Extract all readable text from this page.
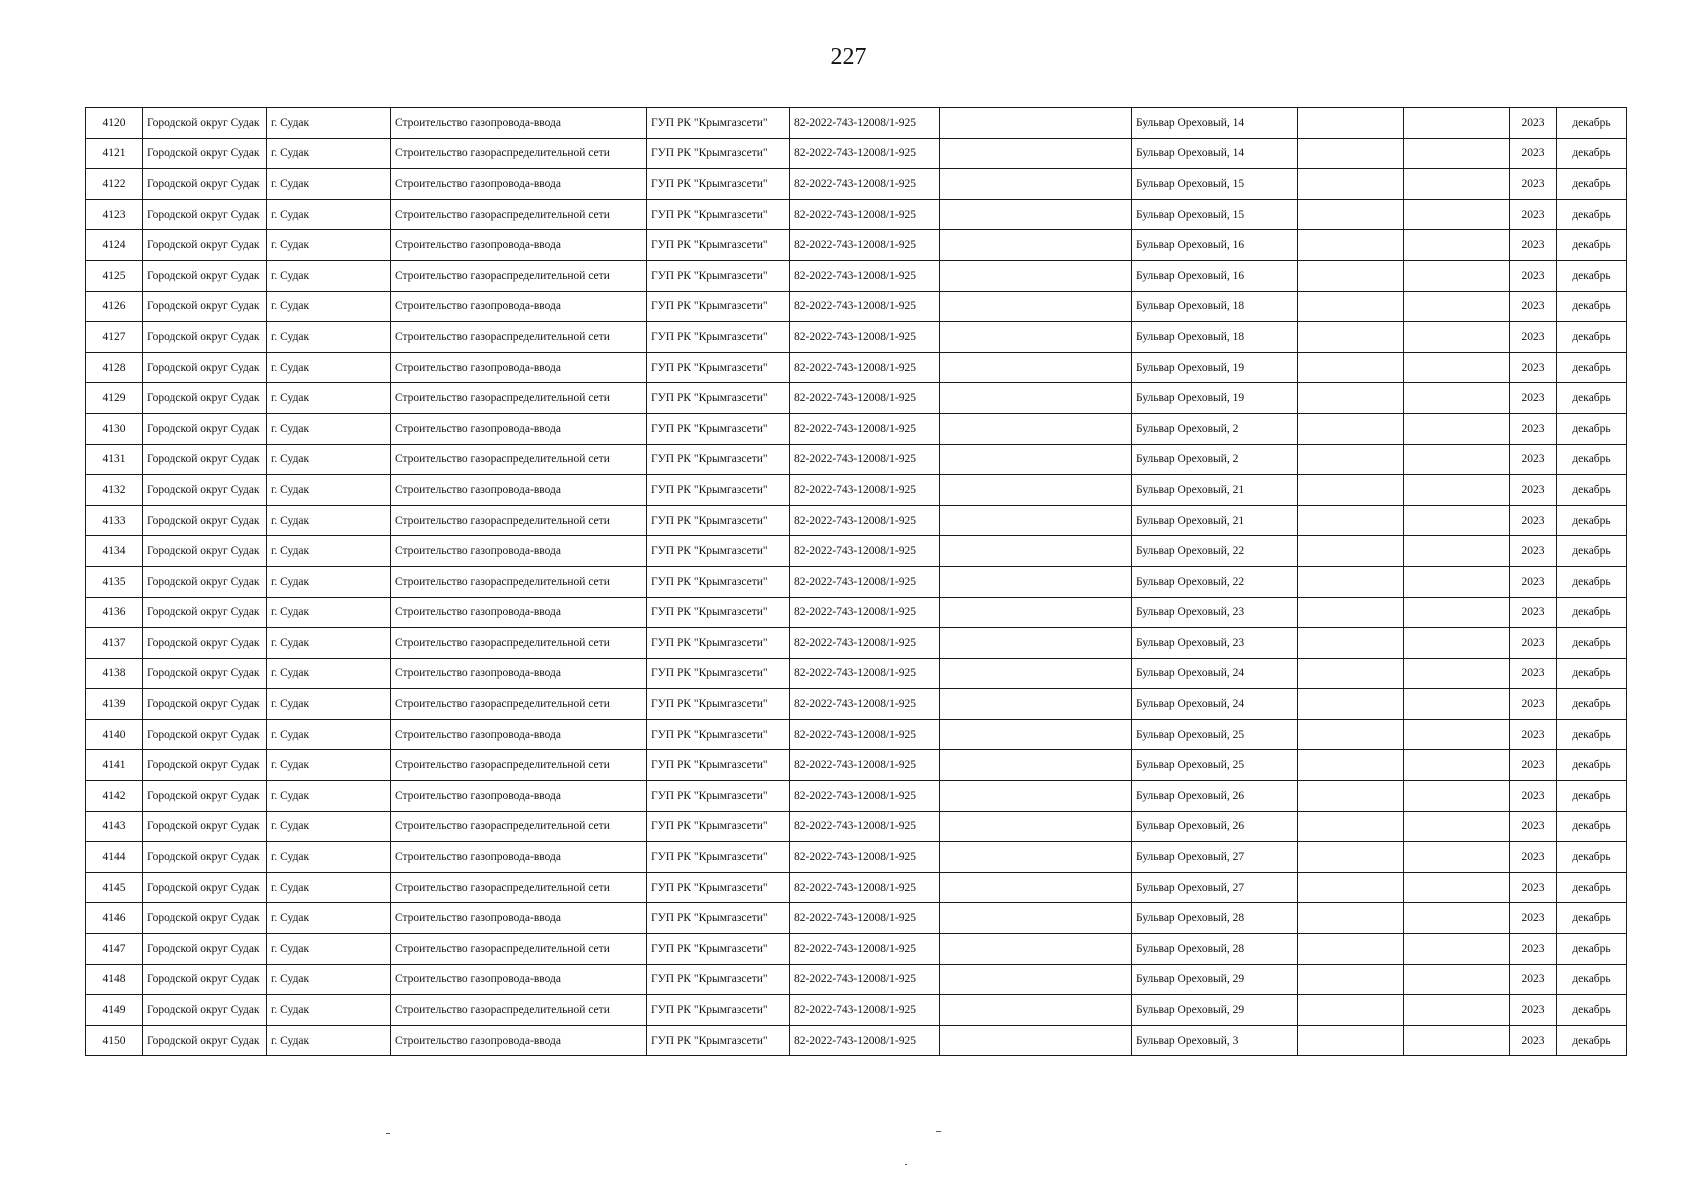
227
4120	Городской округ Судак	г. Судак	Строительство газопровода-ввода	ГУП РК "Крымгазсети"	82-2022-743-12008/1-925		Бульвар Ореховый, 14			2023	декабрь
4121	Городской округ Судак	г. Судак	Строительство газораспределительной сети	ГУП РК "Крымгазсети"	82-2022-743-12008/1-925		Бульвар Ореховый, 14			2023	декабрь
4122	Городской округ Судак	г. Судак	Строительство газопровода-ввода	ГУП РК "Крымгазсети"	82-2022-743-12008/1-925		Бульвар Ореховый, 15			2023	декабрь
4123	Городской округ Судак	г. Судак	Строительство газораспределительной сети	ГУП РК "Крымгазсети"	82-2022-743-12008/1-925		Бульвар Ореховый, 15			2023	декабрь
4124	Городской округ Судак	г. Судак	Строительство газопровода-ввода	ГУП РК "Крымгазсети"	82-2022-743-12008/1-925		Бульвар Ореховый, 16			2023	декабрь
4125	Городской округ Судак	г. Судак	Строительство газораспределительной сети	ГУП РК "Крымгазсети"	82-2022-743-12008/1-925		Бульвар Ореховый, 16			2023	декабрь
4126	Городской округ Судак	г. Судак	Строительство газопровода-ввода	ГУП РК "Крымгазсети"	82-2022-743-12008/1-925		Бульвар Ореховый, 18			2023	декабрь
4127	Городской округ Судак	г. Судак	Строительство газораспределительной сети	ГУП РК "Крымгазсети"	82-2022-743-12008/1-925		Бульвар Ореховый, 18			2023	декабрь
4128	Городской округ Судак	г. Судак	Строительство газопровода-ввода	ГУП РК "Крымгазсети"	82-2022-743-12008/1-925		Бульвар Ореховый, 19			2023	декабрь
4129	Городской округ Судак	г. Судак	Строительство газораспределительной сети	ГУП РК "Крымгазсети"	82-2022-743-12008/1-925		Бульвар Ореховый, 19			2023	декабрь
4130	Городской округ Судак	г. Судак	Строительство газопровода-ввода	ГУП РК "Крымгазсети"	82-2022-743-12008/1-925		Бульвар Ореховый, 2			2023	декабрь
4131	Городской округ Судак	г. Судак	Строительство газораспределительной сети	ГУП РК "Крымгазсети"	82-2022-743-12008/1-925		Бульвар Ореховый, 2			2023	декабрь
4132	Городской округ Судак	г. Судак	Строительство газопровода-ввода	ГУП РК "Крымгазсети"	82-2022-743-12008/1-925		Бульвар Ореховый, 21			2023	декабрь
4133	Городской округ Судак	г. Судак	Строительство газораспределительной сети	ГУП РК "Крымгазсети"	82-2022-743-12008/1-925		Бульвар Ореховый, 21			2023	декабрь
4134	Городской округ Судак	г. Судак	Строительство газопровода-ввода	ГУП РК "Крымгазсети"	82-2022-743-12008/1-925		Бульвар Ореховый, 22			2023	декабрь
4135	Городской округ Судак	г. Судак	Строительство газораспределительной сети	ГУП РК "Крымгазсети"	82-2022-743-12008/1-925		Бульвар Ореховый, 22			2023	декабрь
4136	Городской округ Судак	г. Судак	Строительство газопровода-ввода	ГУП РК "Крымгазсети"	82-2022-743-12008/1-925		Бульвар Ореховый, 23			2023	декабрь
4137	Городской округ Судак	г. Судак	Строительство газораспределительной сети	ГУП РК "Крымгазсети"	82-2022-743-12008/1-925		Бульвар Ореховый, 23			2023	декабрь
4138	Городской округ Судак	г. Судак	Строительство газопровода-ввода	ГУП РК "Крымгазсети"	82-2022-743-12008/1-925		Бульвар Ореховый, 24			2023	декабрь
4139	Городской округ Судак	г. Судак	Строительство газораспределительной сети	ГУП РК "Крымгазсети"	82-2022-743-12008/1-925		Бульвар Ореховый, 24			2023	декабрь
4140	Городской округ Судак	г. Судак	Строительство газопровода-ввода	ГУП РК "Крымгазсети"	82-2022-743-12008/1-925		Бульвар Ореховый, 25			2023	декабрь
4141	Городской округ Судак	г. Судак	Строительство газораспределительной сети	ГУП РК "Крымгазсети"	82-2022-743-12008/1-925		Бульвар Ореховый, 25			2023	декабрь
4142	Городской округ Судак	г. Судак	Строительство газопровода-ввода	ГУП РК "Крымгазсети"	82-2022-743-12008/1-925		Бульвар Ореховый, 26			2023	декабрь
4143	Городской округ Судак	г. Судак	Строительство газораспределительной сети	ГУП РК "Крымгазсети"	82-2022-743-12008/1-925		Бульвар Ореховый, 26			2023	декабрь
4144	Городской округ Судак	г. Судак	Строительство газопровода-ввода	ГУП РК "Крымгазсети"	82-2022-743-12008/1-925		Бульвар Ореховый, 27			2023	декабрь
4145	Городской округ Судак	г. Судак	Строительство газораспределительной сети	ГУП РК "Крымгазсети"	82-2022-743-12008/1-925		Бульвар Ореховый, 27			2023	декабрь
4146	Городской округ Судак	г. Судак	Строительство газопровода-ввода	ГУП РК "Крымгазсети"	82-2022-743-12008/1-925		Бульвар Ореховый, 28			2023	декабрь
4147	Городской округ Судак	г. Судак	Строительство газораспределительной сети	ГУП РК "Крымгазсети"	82-2022-743-12008/1-925		Бульвар Ореховый, 28			2023	декабрь
4148	Городской округ Судак	г. Судак	Строительство газопровода-ввода	ГУП РК "Крымгазсети"	82-2022-743-12008/1-925		Бульвар Ореховый, 29			2023	декабрь
4149	Городской округ Судак	г. Судак	Строительство газораспределительной сети	ГУП РК "Крымгазсети"	82-2022-743-12008/1-925		Бульвар Ореховый, 29			2023	декабрь
4150	Городской округ Судак	г. Судак	Строительство газопровода-ввода	ГУП РК "Крымгазсети"	82-2022-743-12008/1-925		Бульвар Ореховый, 3			2023	декабрь
